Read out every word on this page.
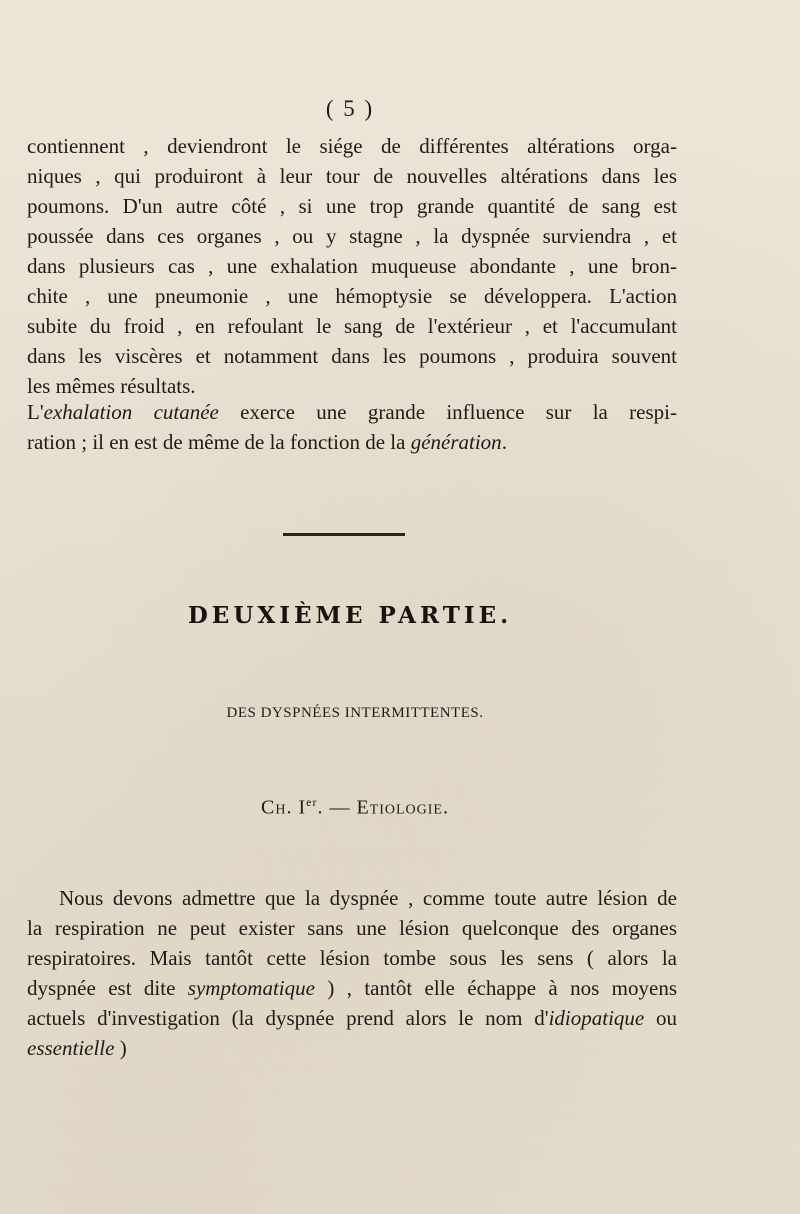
( 5 )
contiennent , deviendront le siége de différentes altérations orga-
niques , qui produiront à leur tour de nouvelles altérations dans les
poumons. D'un autre côté , si une trop grande quantité de sang est
poussée dans ces organes , ou y stagne , la dyspnée surviendra , et
dans plusieurs cas , une exhalation muqueuse abondante , une bron-
chite , une pneumonie , une hémoptysie se développera. L'action
subite du froid , en refoulant le sang de l'extérieur , et l'accumulant
dans les viscères et notamment dans les poumons , produira souvent
les mêmes résultats.
L'exhalation cutanée exerce une grande influence sur la respi-
ration ; il en est de même de la fonction de la génération.
DEUXIÈME PARTIE.
DES DYSPNÉES INTERMITTENTES.
Ch. Ier. — Etiologie.
Nous devons admettre que la dyspnée , comme toute autre lésion de
la respiration ne peut exister sans une lésion quelconque des organes
respiratoires. Mais tantôt cette lésion tombe sous les sens ( alors la
dyspnée est dite symptomatique ) , tantôt elle échappe à nos moyens
actuels d'investigation (la dyspnée prend alors le nom d'idiopatique ou
essentielle )
